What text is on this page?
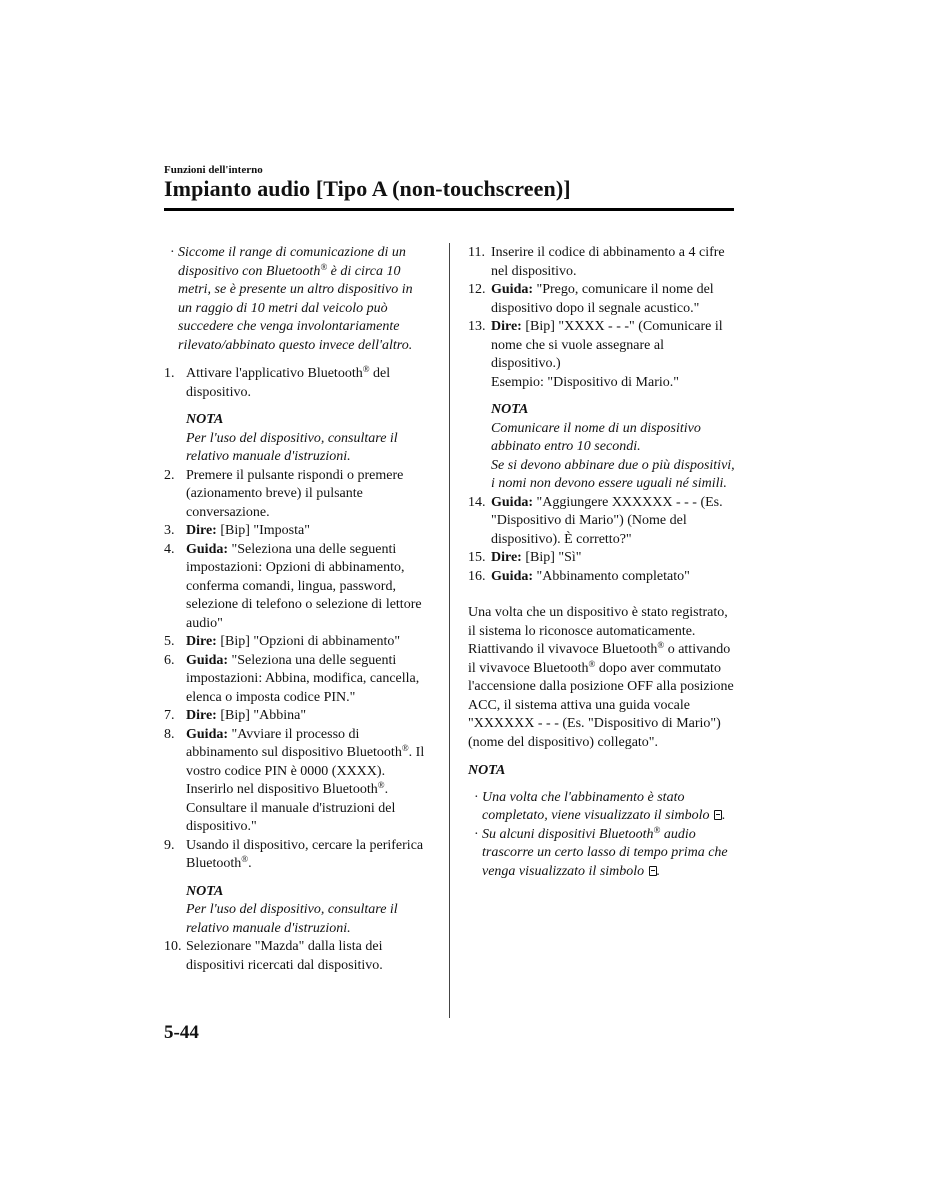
Funzioni dell'interno
Impianto audio [Tipo A (non-touchscreen)]
· Siccome il range di comunicazione di un dispositivo con Bluetooth® è di circa 10 metri, se è presente un altro dispositivo in un raggio di 10 metri dal veicolo può succedere che venga involontariamente rilevato/abbinato questo invece dell'altro.
1. Attivare l'applicativo Bluetooth® del dispositivo.
NOTA
Per l'uso del dispositivo, consultare il relativo manuale d'istruzioni.
2. Premere il pulsante rispondi o premere (azionamento breve) il pulsante conversazione.
3. Dire: [Bip] "Imposta"
4. Guida: "Seleziona una delle seguenti impostazioni: Opzioni di abbinamento, conferma comandi, lingua, password, selezione di telefono o selezione di lettore audio"
5. Dire: [Bip] "Opzioni di abbinamento"
6. Guida: "Seleziona una delle seguenti impostazioni: Abbina, modifica, cancella, elenca o imposta codice PIN."
7. Dire: [Bip] "Abbina"
8. Guida: "Avviare il processo di abbinamento sul dispositivo Bluetooth®. Il vostro codice PIN è 0000 (XXXX). Inserirlo nel dispositivo Bluetooth®. Consultare il manuale d'istruzioni del dispositivo."
9. Usando il dispositivo, cercare la periferica Bluetooth®.
NOTA
Per l'uso del dispositivo, consultare il relativo manuale d'istruzioni.
10. Selezionare "Mazda" dalla lista dei dispositivi ricercati dal dispositivo.
11. Inserire il codice di abbinamento a 4 cifre nel dispositivo.
12. Guida: "Prego, comunicare il nome del dispositivo dopo il segnale acustico."
13. Dire: [Bip] "XXXX - - -" (Comunicare il nome che si vuole assegnare al dispositivo.)
Esempio: "Dispositivo di Mario."
NOTA
Comunicare il nome di un dispositivo abbinato entro 10 secondi.
Se si devono abbinare due o più dispositivi, i nomi non devono essere uguali né simili.
14. Guida: "Aggiungere XXXXXX - - - (Es. "Dispositivo di Mario") (Nome del dispositivo). È corretto?"
15. Dire: [Bip] "Sì"
16. Guida: "Abbinamento completato"
Una volta che un dispositivo è stato registrato, il sistema lo riconosce automaticamente. Riattivando il vivavoce Bluetooth® o attivando il vivavoce Bluetooth® dopo aver commutato l'accensione dalla posizione OFF alla posizione ACC, il sistema attiva una guida vocale "XXXXXX - - - (Es. "Dispositivo di Mario") (nome del dispositivo) collegato".
NOTA
· Una volta che l'abbinamento è stato completato, viene visualizzato il simbolo .
· Su alcuni dispositivi Bluetooth® audio trascorre un certo lasso di tempo prima che venga visualizzato il simbolo .
5-44
